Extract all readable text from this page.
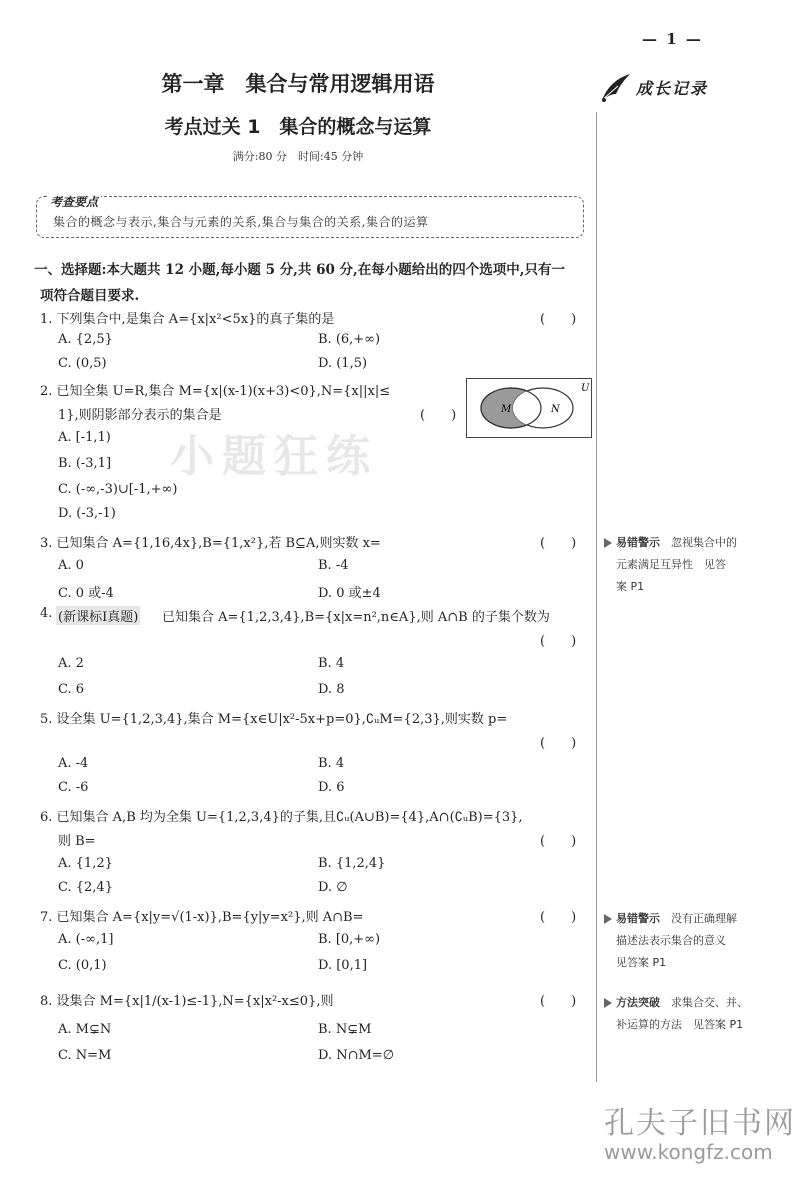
— 1 —
成长记录
第一章　集合与常用逻辑用语
考点过关 1　集合的概念与运算
满分:80 分　时间:45 分钟
考查要点
集合的概念与表示,集合与元素的关系,集合与集合的关系,集合的运算
一、选择题:本大题共 12 小题,每小题 5 分,共 60 分,在每小题给出的四个选项中,只有一
项符合题目要求.
1. 下列集合中,是集合 A={x|x²<5x}的真子集的是	(　　)
A. {2,5}	B. (6,+∞)
C. (0,5)	D. (1,5)
2. 已知全集 U=R,集合 M={x|(x-1)(x+3)<0},N={x||x|≤
1},则阴影部分表示的集合是	(　　)
U
M	N
A. [-1,1) 小题狂练
B. (-3,1]
C. (-∞,-3)∪[-1,+∞)
D. (-3,-1)
3. 已知集合 A={1,16,4x},B={1,x²},若 B⊆A,则实数 x=	(　　)
A. 0	B. -4
C. 0 或-4	D. 0 或±4
4. (新课标Ⅰ真题) 已知集合 A={1,2,3,4},B={x|x=n²,n∈A},则 A∩B 的子集个数为
(　　)
A. 2	B. 4
C. 6	D. 8
5. 设全集 U={1,2,3,4},集合 M={x∈U|x²-5x+p=0},∁ᵤM={2,3},则实数 p=
(　　)
A. -4	B. 4
C. -6	D. 6
6. 已知集合 A,B 均为全集 U={1,2,3,4}的子集,且∁ᵤ(A∪B)={4},A∩(∁ᵤB)={3},
则 B=	(　　)
A. {1,2}	B. {1,2,4}
C. {2,4}	D. ∅
7. 已知集合 A={x|y=√(1-x)},B={y|y=x²},则 A∩B=	(　　)
A. (-∞,1]	B. [0,+∞)
C. (0,1)	D. [0,1]
8. 设集合 M={x|1/(x-1)≤-1},N={x|x²-x≤0},则	(　　)
A. M⊊N	B. N⊊M
C. N=M	D. N∩M=∅
易错警示　 忽视集合中的
元素满足互异性　见答
案 P1
易错警示　 没有正确理解
描述法表示集合的意义
见答案 P1
方法突破　 求集合交、并、
补运算的方法　见答案 P1
孔夫子旧书网
www.kongfz.com
